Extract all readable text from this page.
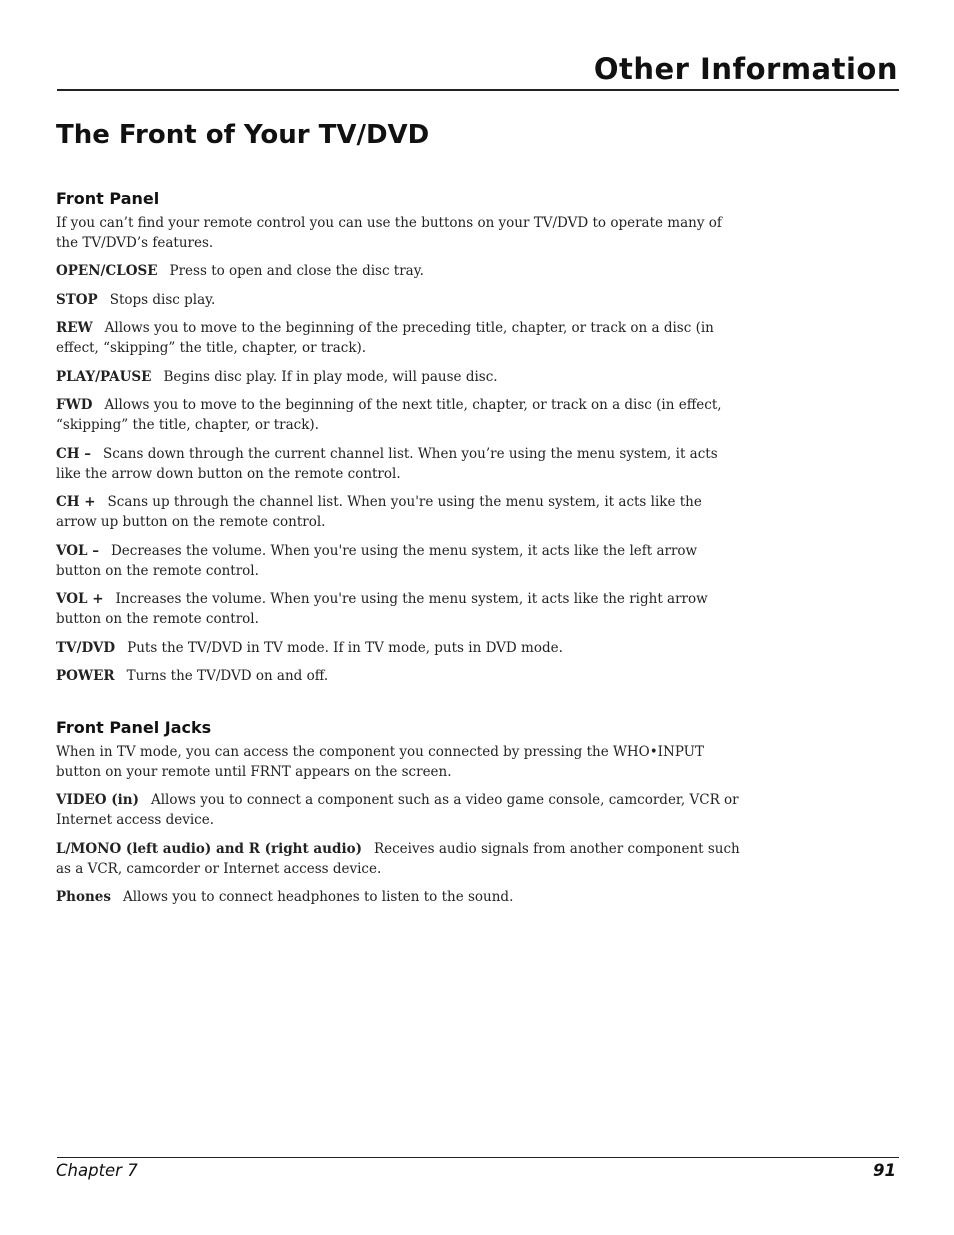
Other Information
The Front of Your TV/DVD
Front Panel

If you can’t find your remote control you can use the buttons on your TV/DVD to operate many of the TV/DVD’s features.

OPEN/CLOSE Press to open and close the disc tray.

STOP Stops disc play.

REW Allows you to move to the beginning of the preceding title, chapter, or track on a disc (in effect, “skipping” the title, chapter, or track).

PLAY/PAUSE Begins disc play. If in play mode, will pause disc.

FWD Allows you to move to the beginning of the next title, chapter, or track on a disc (in effect, “skipping” the title, chapter, or track).

CH – Scans down through the current channel list. When you’re using the menu system, it acts like the arrow down button on the remote control.

CH + Scans up through the channel list. When you're using the menu system, it acts like the arrow up button on the remote control.

VOL – Decreases the volume. When you're using the menu system, it acts like the left arrow button on the remote control.

VOL + Increases the volume. When you're using the menu system, it acts like the right arrow button on the remote control.

TV/DVD Puts the TV/DVD in TV mode. If in TV mode, puts in DVD mode.

POWER Turns the TV/DVD on and off.

Front Panel Jacks

When in TV mode, you can access the component you connected by pressing the WHO•INPUT button on your remote until FRNT appears on the screen.

VIDEO (in) Allows you to connect a component such as a video game console, camcorder, VCR or Internet access device.

L/MONO (left audio) and R (right audio) Receives audio signals from another component such as a VCR, camcorder or Internet access device.

Phones Allows you to connect headphones to listen to the sound.

Chapter 7	91
